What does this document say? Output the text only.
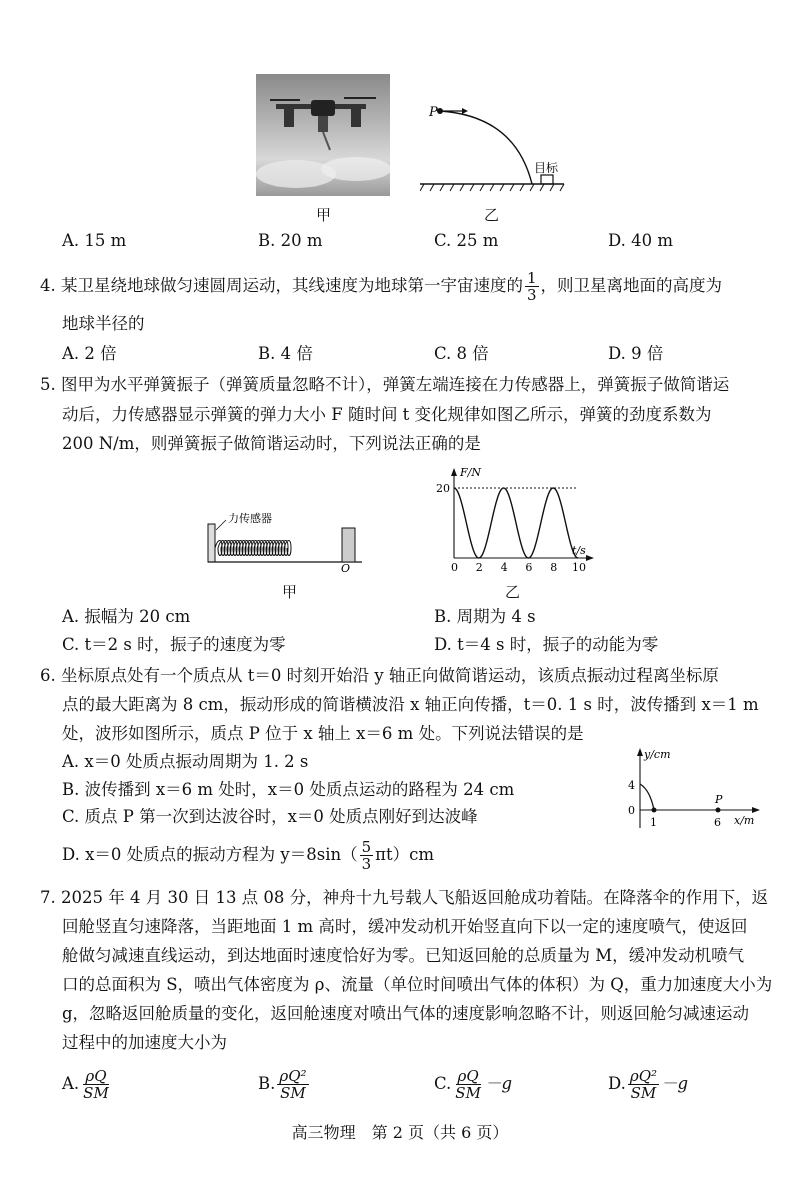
甲
P
目标
乙
A. 15 m	B. 20 m	C. 25 m	D. 40 m
4. 某卫星绕地球做匀速圆周运动，其线速度为地球第一宇宙速度的 $\frac{1}{3}$ ，则卫星离地面的高度为
地球半径的
A. 2 倍	B. 4 倍	C. 8 倍	D. 9 倍
5. 图甲为水平弹簧振子（弹簧质量忽略不计），弹簧左端连接在力传感器上，弹簧振子做简谐运
动后，力传感器显示弹簧的弹力大小 F 随时间 t 变化规律如图乙所示，弹簧的劲度系数为
200 N/m，则弹簧振子做简谐运动时，下列说法正确的是
力传感器
O
甲
0 2 4 6 8 10
F/N
t/s
20
乙
A. 振幅为 20 cm	B. 周期为 4 s
C. t＝2 s 时，振子的速度为零	D. t＝4 s 时，振子的动能为零
6. 坐标原点处有一个质点从 t＝0 时刻开始沿 y 轴正向做简谐运动，该质点振动过程离坐标原
点的最大距离为 8 cm，振动形成的简谐横波沿 x 轴正向传播，t＝0. 1 s 时，波传播到 x＝1 m
处，波形如图所示，质点 P 位于 x 轴上 x＝6 m 处。下列说法错误的是
A. x＝0 处质点振动周期为 1. 2 s
B. 波传播到 x＝6 m 处时，x＝0 处质点运动的路程为 24 cm
C. 质点 P 第一次到达波谷时，x＝0 处质点刚好到达波峰
D. x＝0 处质点的振动方程为 $y=8\sin( \frac{5}{3} \pi t)cm$
y/cm
x/m
4
0
1	6
P
7. 2025 年 4 月 30 日 13 点 08 分，神舟十九号载人飞船返回舱成功着陆。在降落伞的作用下，返
回舱竖直匀速降落，当距地面 1 m 高时，缓冲发动机开始竖直向下以一定的速度喷气，使返回
舱做匀减速直线运动，到达地面时速度恰好为零。已知返回舱的总质量为 M，缓冲发动机喷气
口的总面积为 S，喷出气体密度为 ρ、流量（单位时间喷出气体的体积）为 Q，重力加速度大小为
g，忽略返回舱质量的变化，返回舱速度对喷出气体的速度影响忽略不计，则返回舱匀减速运动
过程中的加速度大小为
A. $\frac{\rho Q}{SM}$	B. $\frac{\text{ρQ²}}{SM}$	C. $\frac{\rho Q}{SM} -g$	D. $\frac{\text{ρQ²}}{SM} -g$
高三物理　第 2 页（共 6 页）
